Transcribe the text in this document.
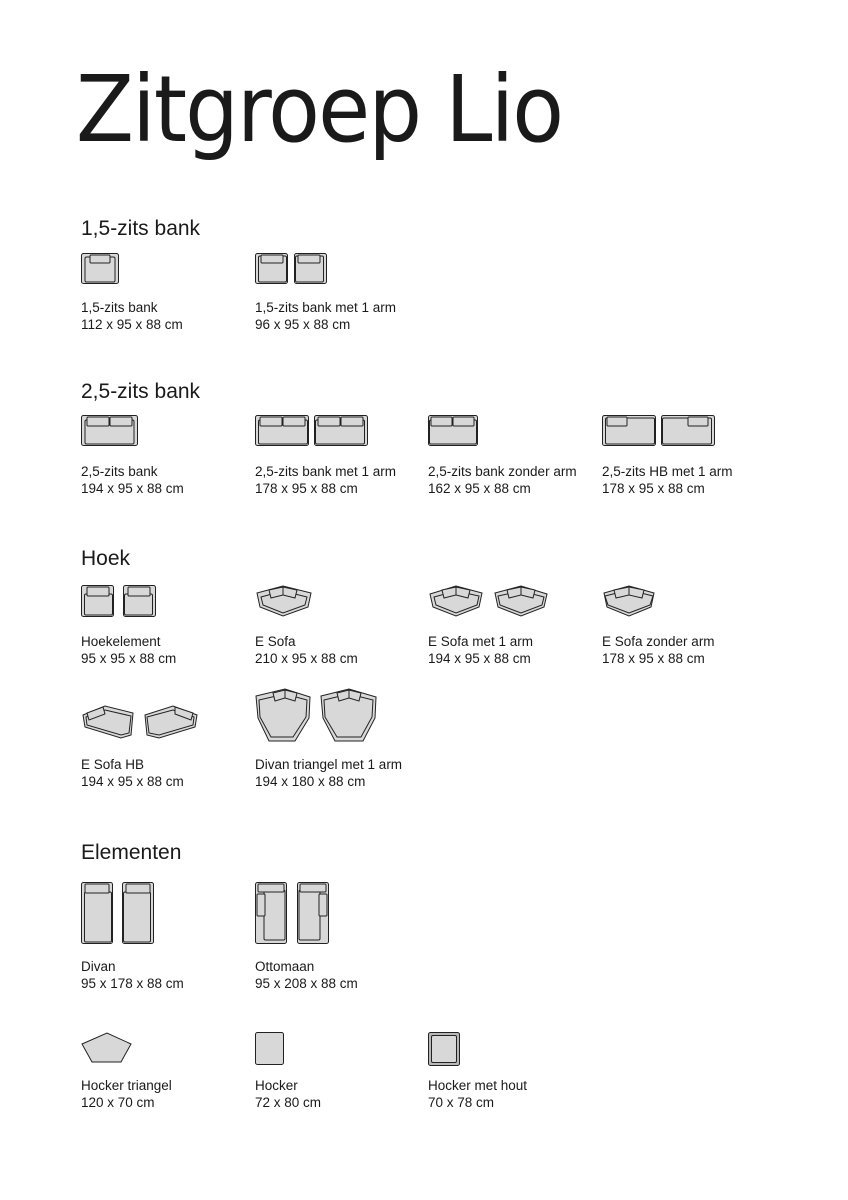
Zitgroep Lio
1,5-zits bank
1,5-zits bank
112 x 95 x 88 cm
1,5-zits bank met 1 arm
96 x 95 x 88 cm
2,5-zits bank
2,5-zits bank
194 x 95 x 88 cm
2,5-zits bank met 1 arm
178 x 95 x 88 cm
2,5-zits bank zonder arm
162 x 95 x 88 cm
2,5-zits HB met 1 arm
178 x 95 x 88 cm
Hoek
Hoekelement
95 x 95 x 88 cm
E Sofa
210 x 95 x 88 cm
E Sofa met 1 arm
194 x 95 x 88 cm
E Sofa zonder arm
178 x 95 x 88 cm
E Sofa HB
194 x 95 x 88 cm
Divan triangel met 1 arm
194 x 180 x 88 cm
Elementen
Divan
95 x 178 x 88 cm
Ottomaan
95 x 208 x 88 cm
Hocker triangel
120 x 70 cm
Hocker
72 x 80 cm
Hocker met hout
70 x 78 cm
